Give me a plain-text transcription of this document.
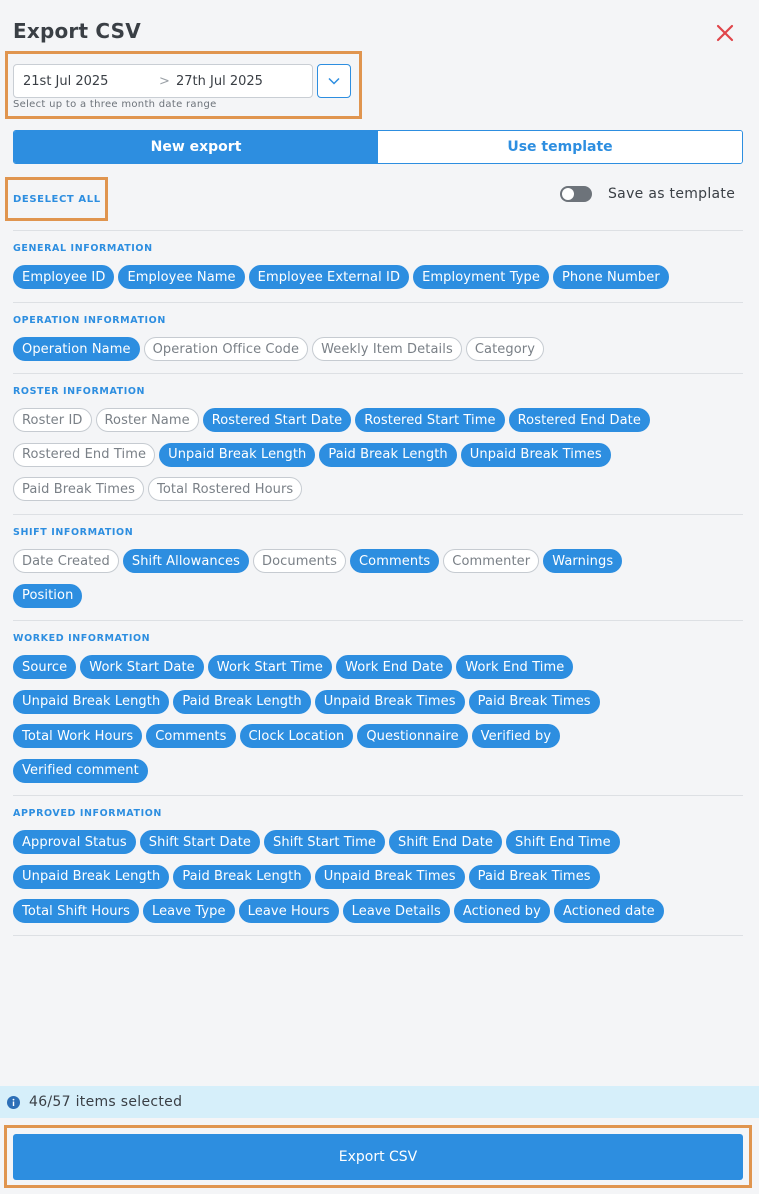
Export CSV
21st Jul 2025	> 27th Jul 2025
Select up to a three month date range
New export	Use template
DESELECT ALL	Save as template
GENERAL INFORMATION
Employee ID	Employee Name	Employee External ID	Employment Type	Phone Number
OPERATION INFORMATION
Operation Name	Operation Office Code	Weekly Item Details	Category
ROSTER INFORMATION
Roster ID	Roster Name	Rostered Start Date	Rostered Start Time	Rostered End Date
Rostered End Time	Unpaid Break Length	Paid Break Length	Unpaid Break Times
Paid Break Times	Total Rostered Hours
SHIFT INFORMATION
Date Created	Shift Allowances	Documents	Comments	Commenter	Warnings
Position
WORKED INFORMATION
Source	Work Start Date	Work Start Time	Work End Date	Work End Time
Unpaid Break Length	Paid Break Length	Unpaid Break Times	Paid Break Times
Total Work Hours	Comments	Clock Location	Questionnaire	Verified by
Verified comment
APPROVED INFORMATION
Approval Status	Shift Start Date	Shift Start Time	Shift End Date	Shift End Time
Unpaid Break Length	Paid Break Length	Unpaid Break Times	Paid Break Times
Total Shift Hours	Leave Type	Leave Hours	Leave Details	Actioned by	Actioned date
46/57 items selected
Export CSV
